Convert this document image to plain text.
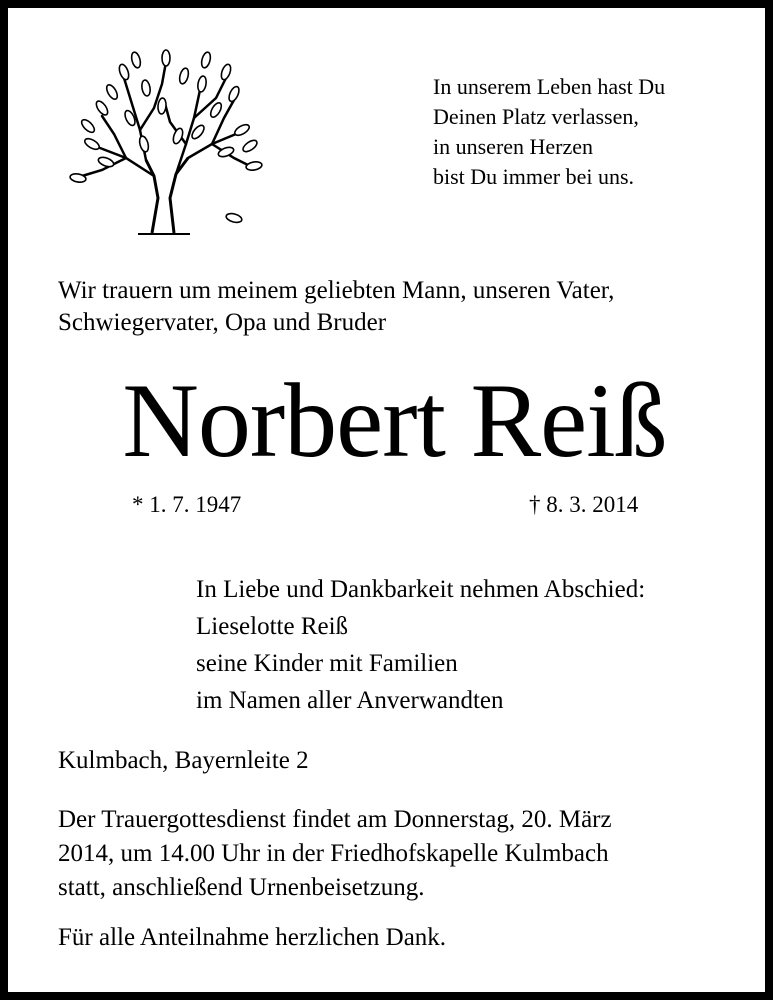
In unserem Leben hast Du
Deinen Platz verlassen,
in unseren Herzen
bist Du immer bei uns.
Wir trauern um meinem geliebten Mann, unseren Vater,
Schwiegervater, Opa und Bruder
Norbert Reiß
* 1. 7. 1947	† 8. 3. 2014
In Liebe und Dankbarkeit nehmen Abschied:
Lieselotte Reiß
seine Kinder mit Familien
im Namen aller Anverwandten
Kulmbach, Bayernleite 2
Der Trauergottesdienst findet am Donnerstag, 20. März
2014, um 14.00 Uhr in der Friedhofskapelle Kulmbach
statt, anschließend Urnenbeisetzung.
Für alle Anteilnahme herzlichen Dank.
